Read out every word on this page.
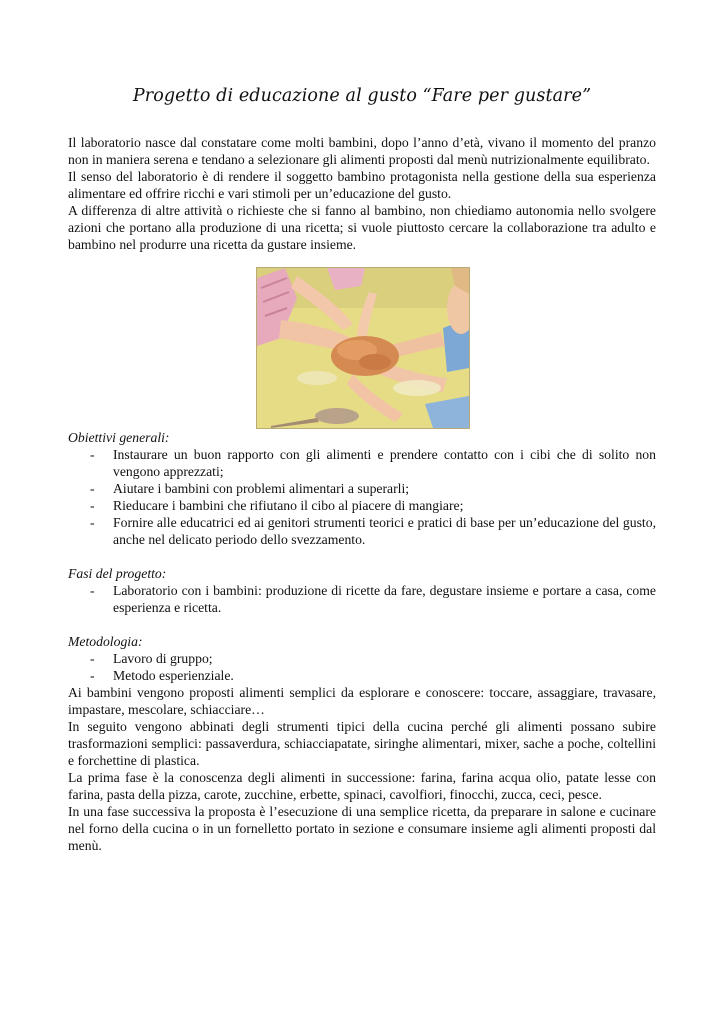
Progetto di educazione al gusto “Fare per gustare”

Il laboratorio nasce dal constatare come molti bambini, dopo l’anno d’età, vivano il momento del pranzo non in maniera serena e tendano a selezionare gli alimenti proposti dal menù nutrizionalmente equilibrato.

Il senso del laboratorio è di rendere il soggetto bambino protagonista nella gestione della sua esperienza alimentare ed offrire ricchi e vari stimoli per un’educazione del gusto.

A differenza di altre attività o richieste che si fanno al bambino, non chiediamo autonomia nello svolgere azioni che portano alla produzione di una ricetta; si vuole piuttosto cercare la collaborazione tra adulto e bambino nel produrre una ricetta da gustare insieme.

Obiettivi generali:

- Instaurare un buon rapporto con gli alimenti e prendere contatto con i cibi che di solito non vengono apprezzati;
- Aiutare i bambini con problemi alimentari a superarli;
- Rieducare i bambini che rifiutano il cibo al piacere di mangiare;
- Fornire alle educatrici ed ai genitori strumenti teorici e pratici di base per un’educazione del gusto, anche nel delicato periodo dello svezzamento.

Fasi del progetto:

- Laboratorio con i bambini: produzione di ricette da fare, degustare insieme e portare a casa, come esperienza e ricetta.

Metodologia:

- Lavoro di gruppo;
- Metodo esperienziale.

Ai bambini vengono proposti alimenti semplici da esplorare e conoscere: toccare, assaggiare, travasare, impastare, mescolare, schiacciare…

In seguito vengono abbinati degli strumenti tipici della cucina perché gli alimenti possano subire trasformazioni semplici: passaverdura, schiacciapatate, siringhe alimentari, mixer, sache a poche, coltellini e forchettine di plastica.

La prima fase è la conoscenza degli alimenti in successione: farina, farina acqua olio, patate lesse con farina, pasta della pizza, carote, zucchine, erbette, spinaci, cavolfiori, finocchi, zucca, ceci, pesce.

In una fase successiva la proposta è l’esecuzione di una semplice ricetta, da preparare in salone e cucinare nel forno della cucina o in un fornelletto portato in sezione e consumare insieme agli alimenti proposti dal menù.
